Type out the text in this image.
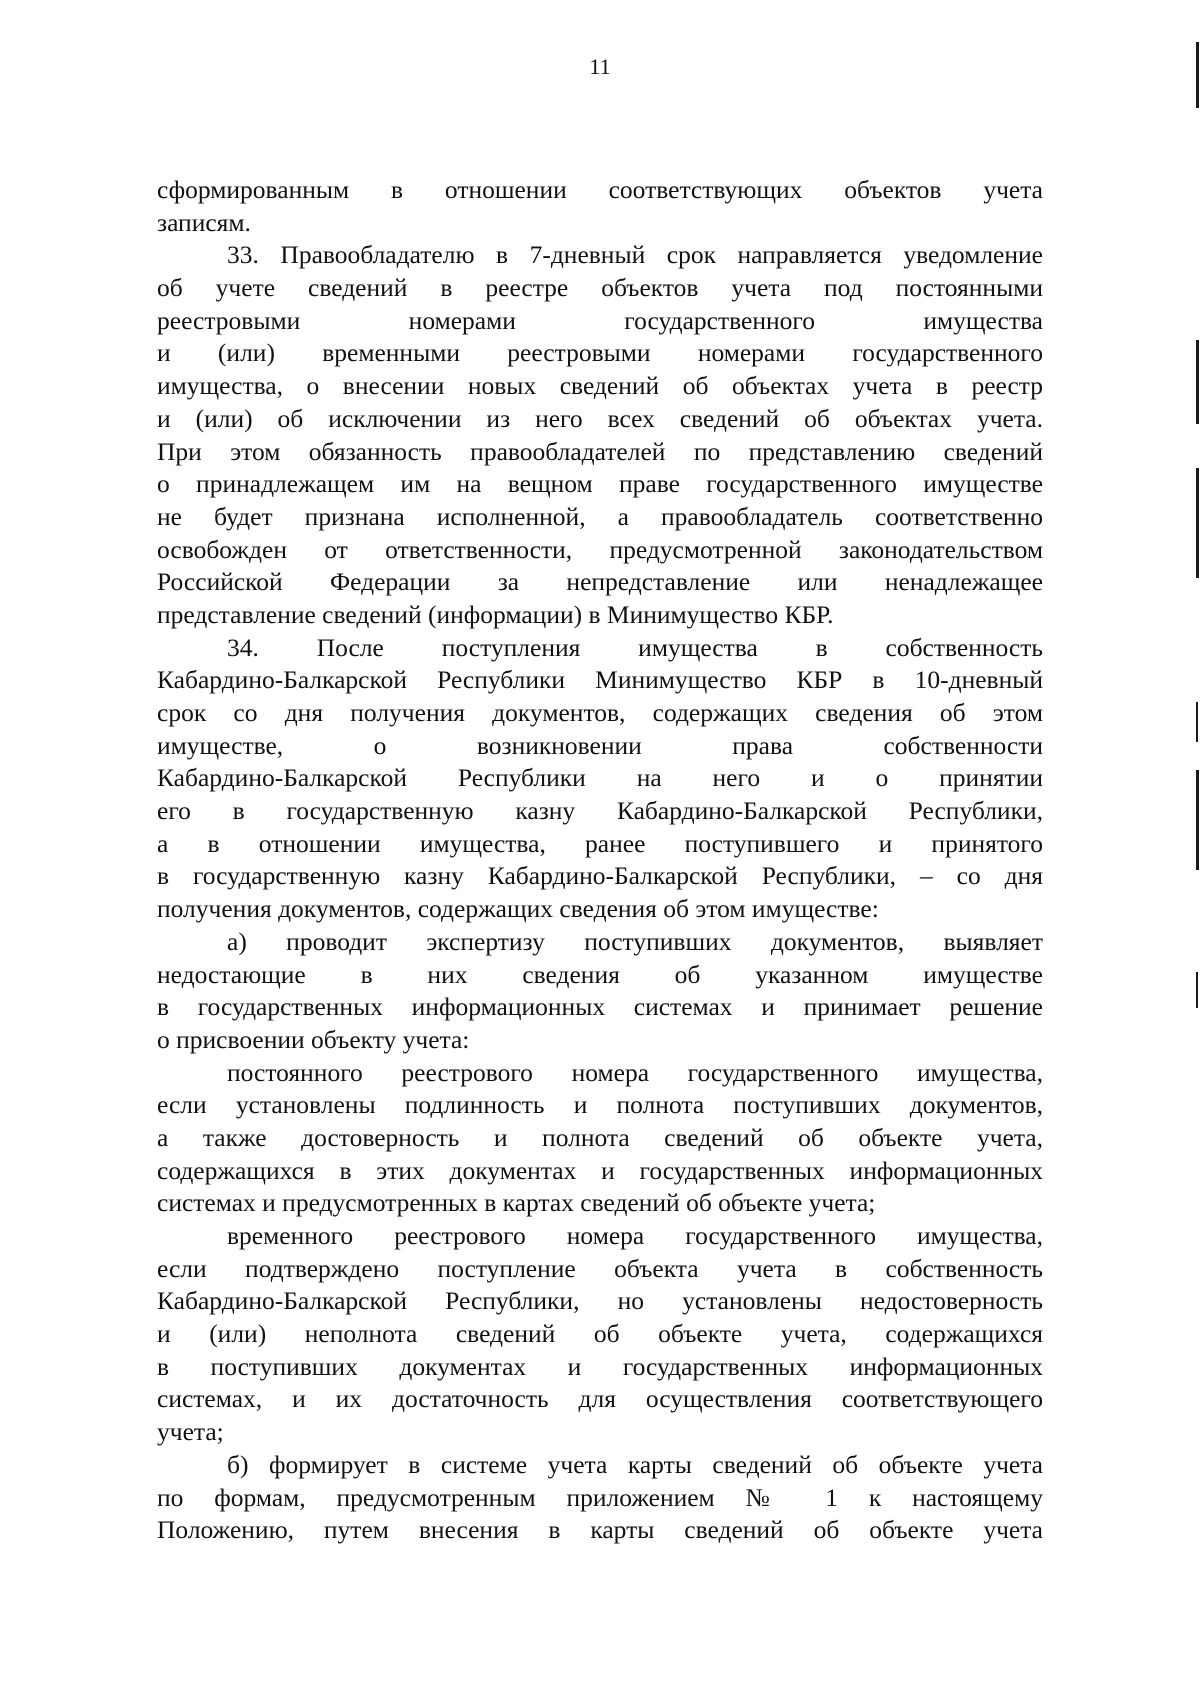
11
сформированным в отношении соответствующих объектов учета
записям.
33. Правообладателю в 7-дневный срок направляется уведомление
об учете сведений в реестре объектов учета под постоянными
реестровыми номерами государственного имущества
и (или) временными реестровыми номерами государственного
имущества, о внесении новых сведений об объектах учета в реестр
и (или) об исключении из него всех сведений об объектах учета.
При этом обязанность правообладателей по представлению сведений
о принадлежащем им на вещном праве государственного имуществе
не будет признана исполненной, а правообладатель соответственно
освобожден от ответственности, предусмотренной законодательством
Российской Федерации за непредставление или ненадлежащее
представление сведений (информации) в Минимущество КБР.
34. После поступления имущества в собственность
Кабардино-Балкарской Республики Минимущество КБР в 10-дневный
срок со дня получения документов, содержащих сведения об этом
имуществе, о возникновении права собственности
Кабардино-Балкарской Республики на него и о принятии
его в государственную казну Кабардино-Балкарской Республики,
а в отношении имущества, ранее поступившего и принятого
в государственную казну Кабардино-Балкарской Республики, – со дня
получения документов, содержащих сведения об этом имуществе:
а) проводит экспертизу поступивших документов, выявляет
недостающие в них сведения об указанном имуществе
в государственных информационных системах и принимает решение
о присвоении объекту учета:
постоянного реестрового номера государственного имущества,
если установлены подлинность и полнота поступивших документов,
а также достоверность и полнота сведений об объекте учета,
содержащихся в этих документах и государственных информационных
системах и предусмотренных в картах сведений об объекте учета;
временного реестрового номера государственного имущества,
если подтверждено поступление объекта учета в собственность
Кабардино-Балкарской Республики, но установлены недостоверность
и (или) неполнота сведений об объекте учета, содержащихся
в поступивших документах и государственных информационных
системах, и их достаточность для осуществления соответствующего
учета;
б) формирует в системе учета карты сведений об объекте учета
по формам, предусмотренным приложением № 1 к настоящему
Положению, путем внесения в карты сведений об объекте учета
